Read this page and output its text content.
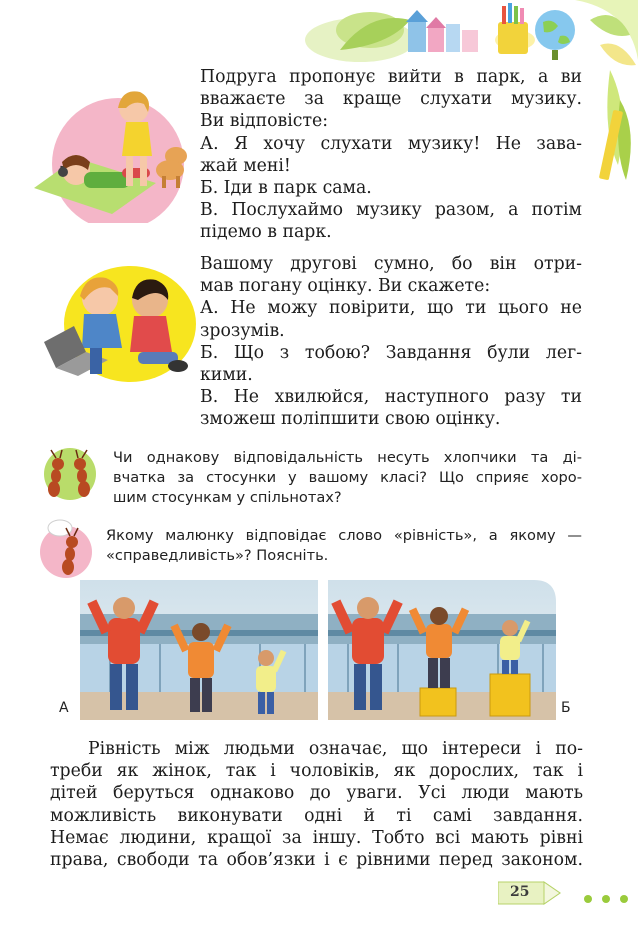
Подруга пропонує вийти в парк, а ви
вважаєте за краще слухати музику.
Ви відповісте:
А. Я хочу слухати музику! Не зава-
жай мені!
Б. Іди в парк сама.
В. Послухаймо музику разом, а потім
підемо в парк.
Вашому другові сумно, бо він отри-
мав погану оцінку. Ви скажете:
А. Не можу повірити, що ти цього не
зрозумів.
Б. Що з тобою? Завдання були лег-
кими.
В. Не хвилюйся, наступного разу ти
зможеш поліпшити свою оцінку.
Чи однакову відповідальність несуть хлопчики та ді-
вчатка за стосунки у вашому класі? Що сприяє хоро-
шим стосункам у спільнотах?
Якому малюнку відповідає слово «рівність», а якому —
«справедливість»? Поясніть.
А	Б
Рівність між людьми означає, що інтереси і по-
треби як жінок, так і чоловіків, як дорослих, так і
дітей беруться однаково до уваги. Усі люди мають
можливість виконувати одні й ті самі завдання.
Немає людини, кращої за іншу. Тобто всі мають рівні
права, свободи та обов’язки і є рівними перед законом.
25
